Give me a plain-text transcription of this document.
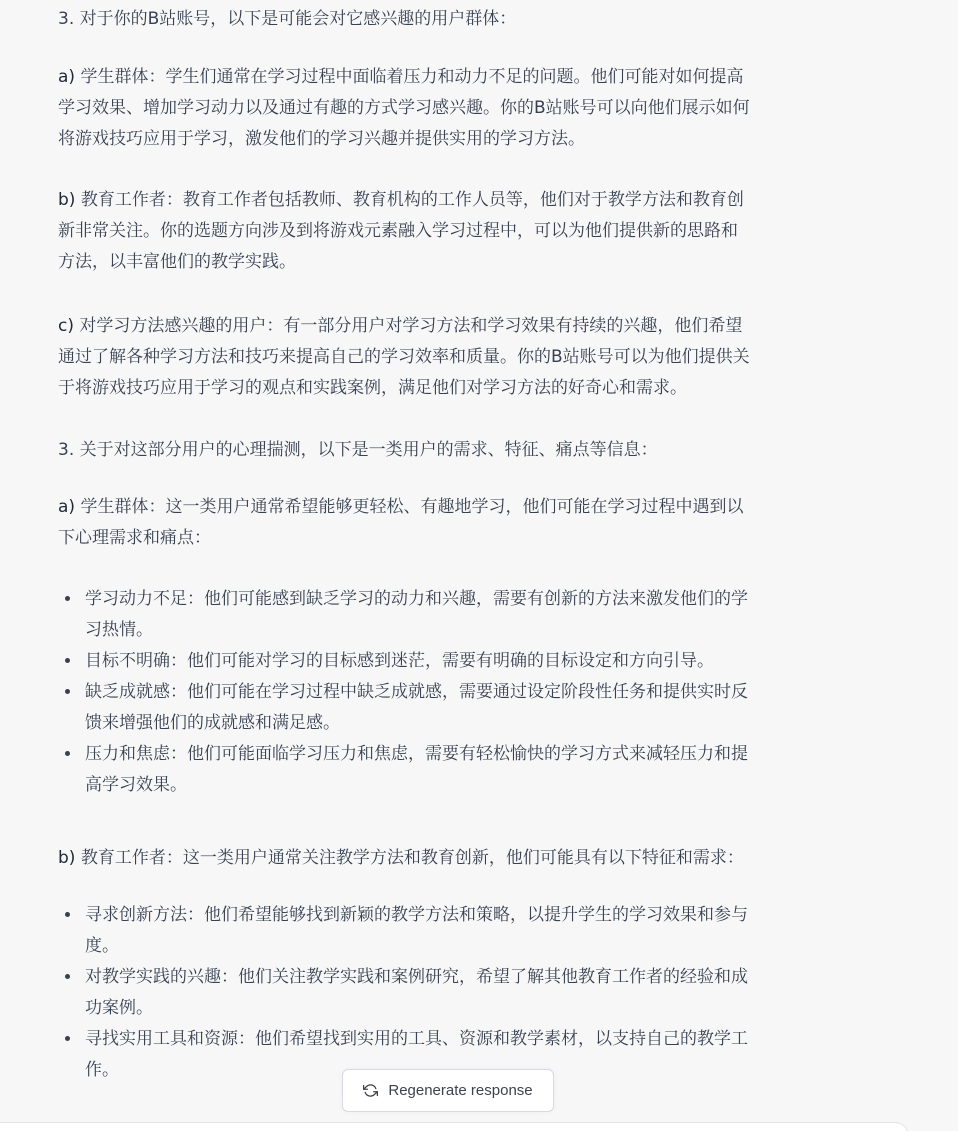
3. 对于你的B站账号，以下是可能会对它感兴趣的用户群体：
a) 学生群体：学生们通常在学习过程中面临着压力和动力不足的问题。他们可能对如何提高
学习效果、增加学习动力以及通过有趣的方式学习感兴趣。你的B站账号可以向他们展示如何
将游戏技巧应用于学习，激发他们的学习兴趣并提供实用的学习方法。
b) 教育工作者：教育工作者包括教师、教育机构的工作人员等，他们对于教学方法和教育创
新非常关注。你的选题方向涉及到将游戏元素融入学习过程中，可以为他们提供新的思路和
方法，以丰富他们的教学实践。
c) 对学习方法感兴趣的用户：有一部分用户对学习方法和学习效果有持续的兴趣，他们希望
通过了解各种学习方法和技巧来提高自己的学习效率和质量。你的B站账号可以为他们提供关
于将游戏技巧应用于学习的观点和实践案例，满足他们对学习方法的好奇心和需求。
3. 关于对这部分用户的心理揣测，以下是一类用户的需求、特征、痛点等信息：
a) 学生群体：这一类用户通常希望能够更轻松、有趣地学习，他们可能在学习过程中遇到以
下心理需求和痛点：
学习动力不足：他们可能感到缺乏学习的动力和兴趣，需要有创新的方法来激发他们的学
习热情。
目标不明确：他们可能对学习的目标感到迷茫，需要有明确的目标设定和方向引导。
缺乏成就感：他们可能在学习过程中缺乏成就感，需要通过设定阶段性任务和提供实时反
馈来增强他们的成就感和满足感。
压力和焦虑：他们可能面临学习压力和焦虑，需要有轻松愉快的学习方式来减轻压力和提
高学习效果。
b) 教育工作者：这一类用户通常关注教学方法和教育创新，他们可能具有以下特征和需求：
寻求创新方法：他们希望能够找到新颖的教学方法和策略，以提升学生的学习效果和参与
度。
对教学实践的兴趣：他们关注教学实践和案例研究，希望了解其他教育工作者的经验和成
功案例。
寻找实用工具和资源：他们希望找到实用的工具、资源和教学素材，以支持自己的教学工
作。
Regenerate response
